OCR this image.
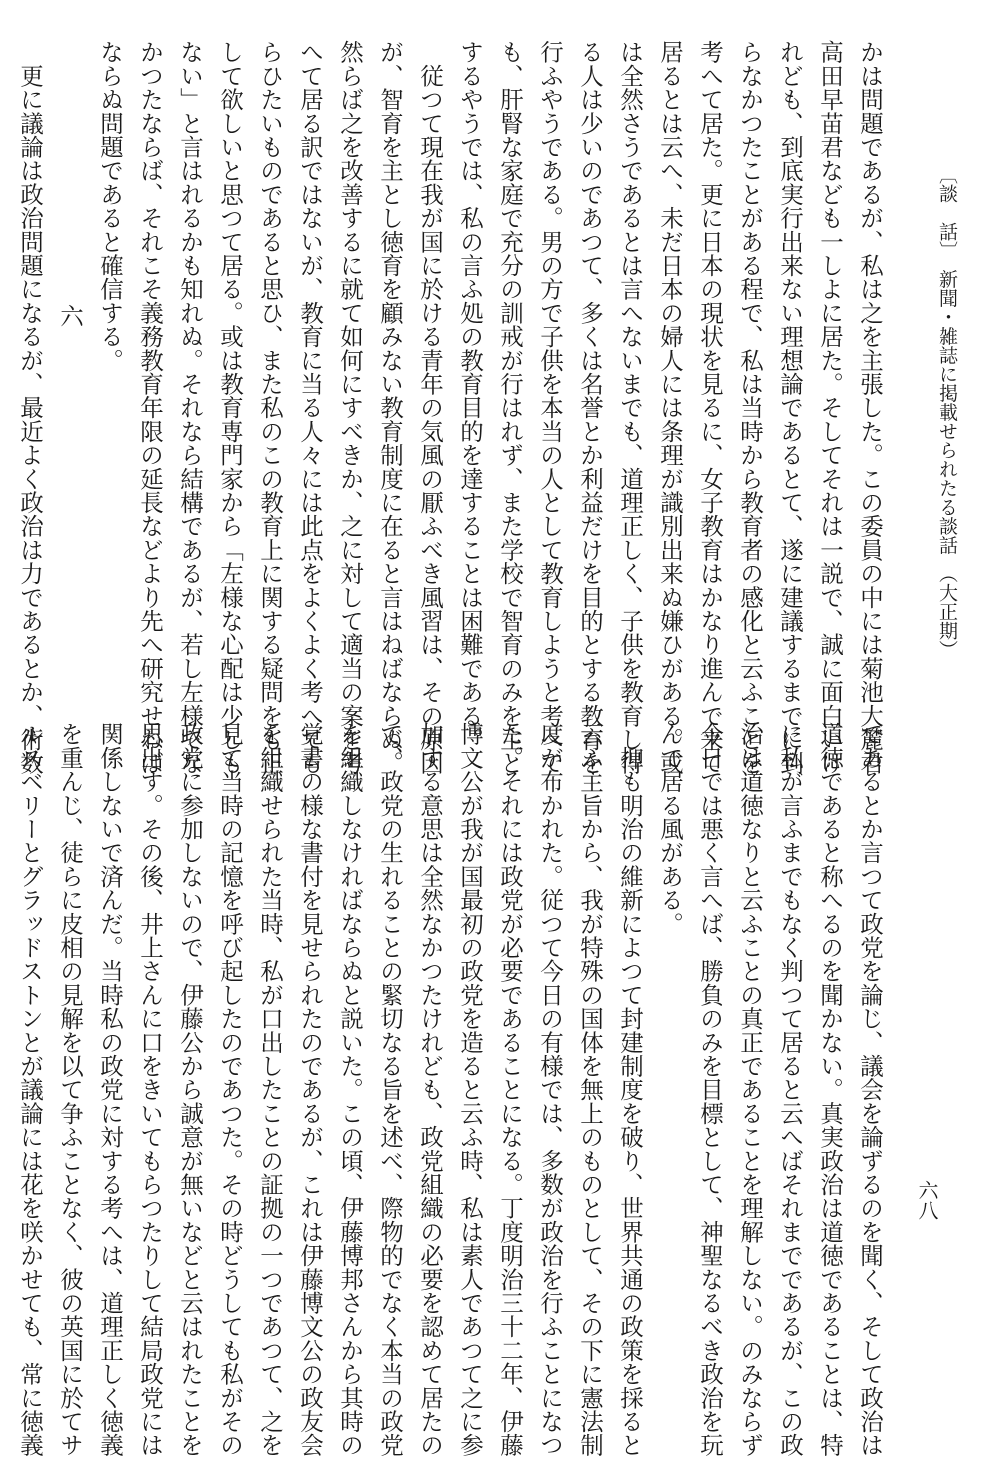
〔談　話〕　新聞・雑誌に掲載せられたる談話　（大正期）
六八
かは問題であるが、私は之を主張した。この委員の中には菊池大麓君
高田早苗君なども一しよに居た。そしてそれは一説で、誠に面白いけ
れども、到底実行出来ない理想論であるとて、遂に建議するまでに到
らなかつたことがある程で、私は当時から教育者の感化と云ふことを
考へて居た。更に日本の現状を見るに、女子教育はかなり進んで来て
居るとは云へ、未だ日本の婦人には条理が識別出来ぬ嫌ひがある。或
は全然さうであるとは言へないまでも、道理正しく、子供を教育し得
る人は少いのであつて、多くは名誉とか利益だけを目的とする教育を
行ふやうである。男の方で子供を本当の人として教育しようと考へて
も、肝腎な家庭で充分の訓戒が行はれず、また学校で智育のみを主と
するやうでは、私の言ふ処の教育目的を達することは困難である。
　従つて現在我が国に於ける青年の気風の厭ふべき風習は、その原因
が、智育を主とし徳育を顧みない教育制度に在ると言はねばならぬ。
然らば之を改善するに就て如何にすべきか、之に対して適当の案を考
へて居る訳ではないが、教育に当る人々には此点をよくよく考へても
らひたいものであると思ひ、また私のこの教育上に関する疑問をも正
して欲しいと思つて居る。或は教育専門家から「左様な心配は少しも
ない」と言はれるかも知れぬ。それなら結構であるが、若し左様でな
かつたならば、それこそ義務教育年限の延長などより先へ研究せねば
ならぬ問題であると確信する。
六
　更に議論は政治問題になるが、最近よく政治は力であるとか、術数
であるとか言つて政党を論じ、議会を論ずるのを聞く、そして政治は
道徳であると称へるのを聞かない。真実政治は道徳であることは、特
に私が言ふまでもなく判つて居ると云へばそれまでであるが、この政
治は道徳なりと云ふことの真正であることを理解しない。のみならず
今日では悪く言へば、勝負のみを目標として、神聖なるべき政治を玩
んで居る風がある。
　抑も明治の維新によつて封建制度を破り、世界共通の政策を採ると
云ふ主旨から、我が特殊の国体を無上のものとして、その下に憲法制
度が布かれた。従つて今日の有様では、多数が政治を行ふことになつ
た。それには政党が必要であることになる。丁度明治三十二年、伊藤
博文公が我が国最初の政党を造ると云ふ時、私は素人であつて之に参
加する意思は全然なかつたけれども、政党組織の必要を認めて居たの
で、政党の生れることの緊切なる旨を述べ、際物的でなく本当の政党
を組織しなければならぬと説いた。この頃、伊藤博邦さんから其時の
覚書の様な書付を見せられたのであるが、これは伊藤博文公の政友会
を組織せられた当時、私が口出したことの証拠の一つであつて、之を
見て当時の記憶を呼び起したのであつた。その時どうしても私がその
政党に参加しないので、伊藤公から誠意が無いなどと云はれたことを
思出す。その後、井上さんに口をきいてもらつたりして結局政党には
関係しないで済んだ。当時私の政党に対する考へは、道理正しく徳義
を重んじ、徒らに皮相の見解を以て争ふことなく、彼の英国に於てサ
ルスベリーとグラッドストンとが議論には花を咲かせても、常に徳義
